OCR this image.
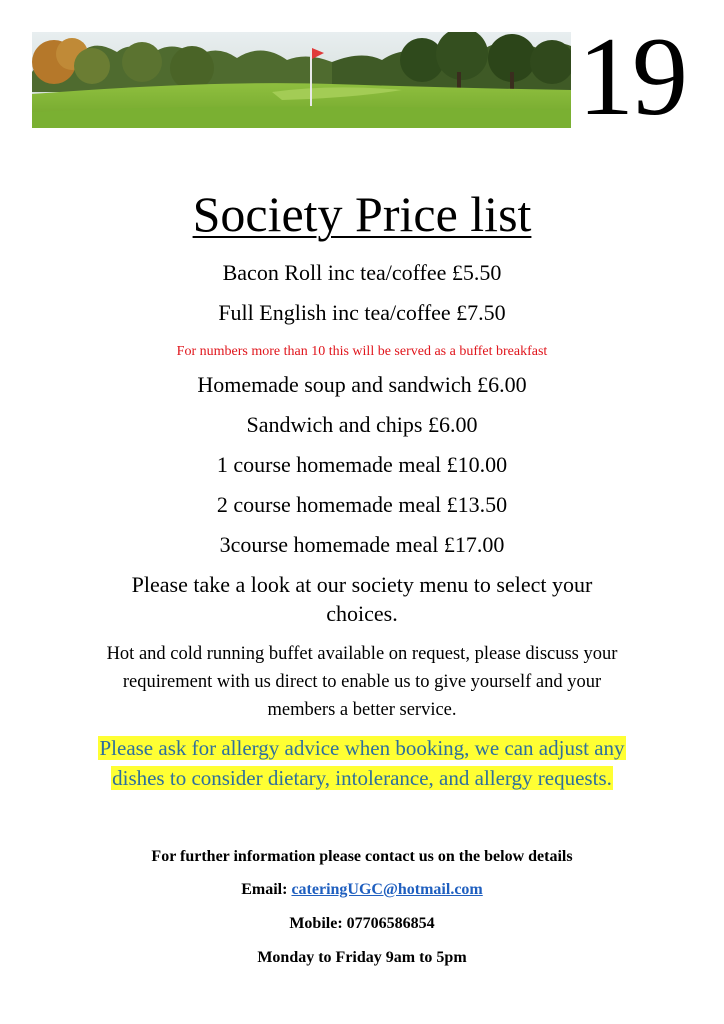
19
Society Price list
Bacon Roll inc tea/coffee £5.50
Full English inc tea/coffee £7.50
For numbers more than 10 this will be served as a buffet breakfast
Homemade soup and sandwich £6.00
Sandwich and chips £6.00
1 course homemade meal £10.00
2 course homemade meal £13.50
3course homemade meal £17.00
Please take a look at our society menu to select your choices.
Hot and cold running buffet available on request, please discuss your requirement with us direct to enable us to give yourself and your members a better service.
Please ask for allergy advice when booking, we can adjust any dishes to consider dietary, intolerance, and allergy requests.
For further information please contact us on the below details
Email: cateringUGC@hotmail.com
Mobile: 07706586854
Monday to Friday 9am to 5pm
